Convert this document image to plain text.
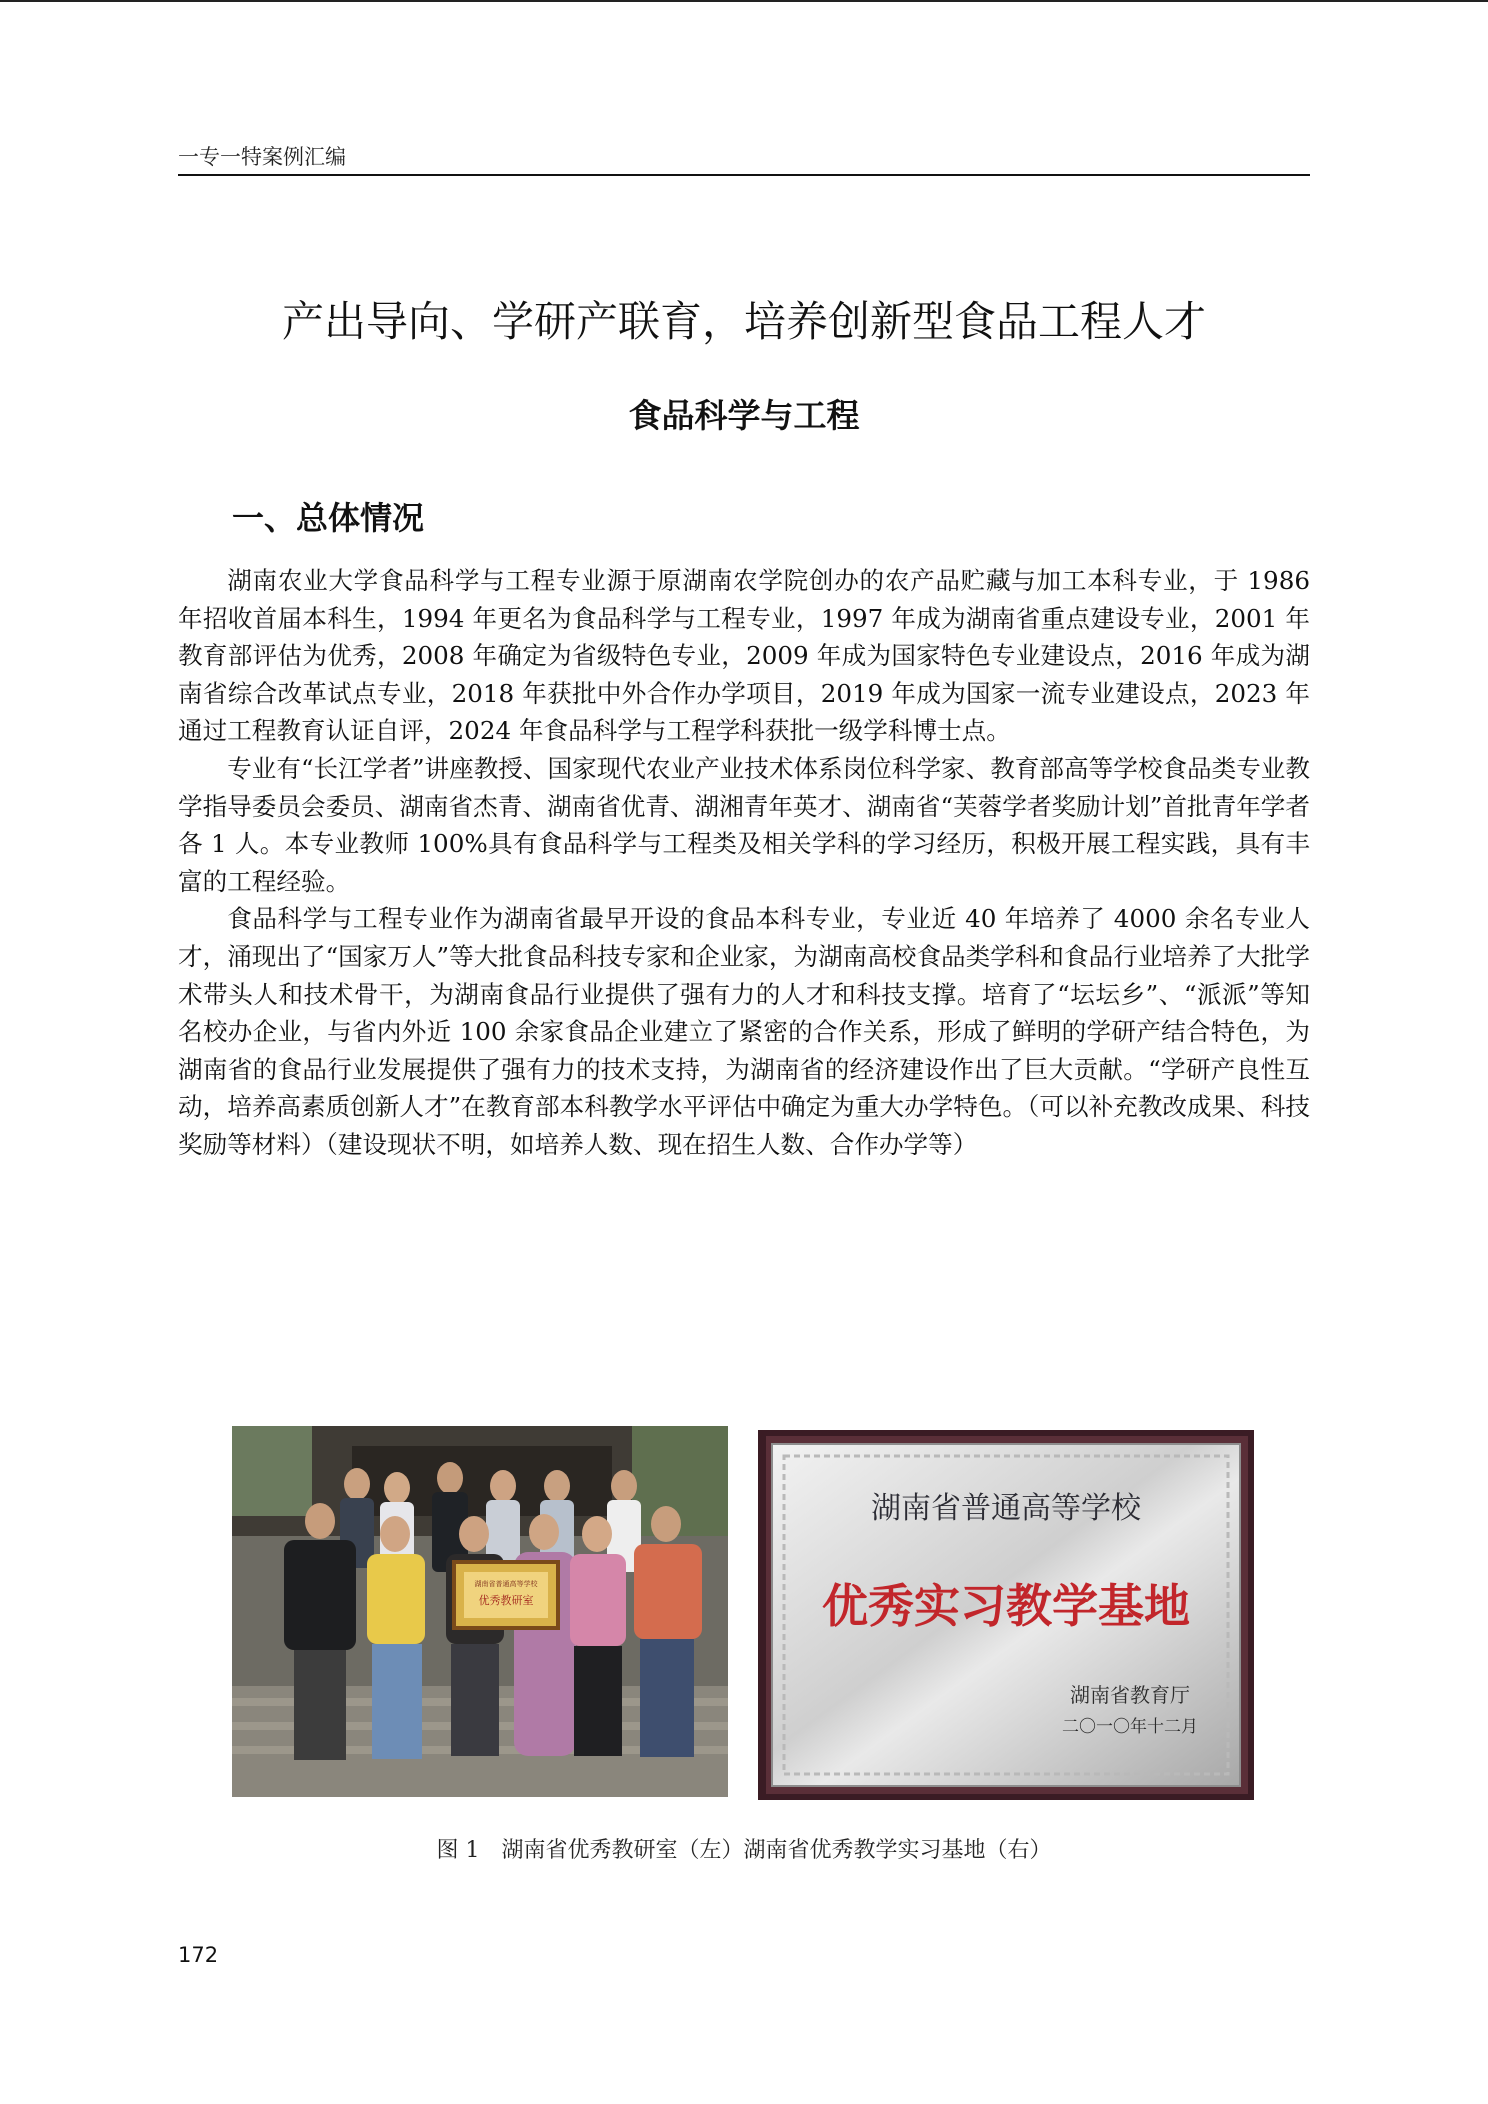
一专一特案例汇编
产出导向、学研产联育，培养创新型食品工程人才
食品科学与工程
一、总体情况

湖南农业大学食品科学与工程专业源于原湖南农学院创办的农产品贮藏与加工本科专业，于 1986 年招收首届本科生，1994 年更名为食品科学与工程专业，1997 年成为湖南省重点建设专业，2001 年教育部评估为优秀，2008 年确定为省级特色专业，2009 年成为国家特色专业建设点，2016 年成为湖南省综合改革试点专业，2018 年获批中外合作办学项目，2019 年成为国家一流专业建设点，2023 年通过工程教育认证自评，2024 年食品科学与工程学科获批一级学科博士点。

专业有“长江学者”讲座教授、国家现代农业产业技术体系岗位科学家、教育部高等学校食品类专业教学指导委员会委员、湖南省杰青、湖南省优青、湖湘青年英才、湖南省“芙蓉学者奖励计划”首批青年学者各 1 人。本专业教师 100%具有食品科学与工程类及相关学科的学习经历，积极开展工程实践，具有丰富的工程经验。

食品科学与工程专业作为湖南省最早开设的食品本科专业，专业近 40 年培养了 4000 余名专业人才，涌现出了“国家万人”等大批食品科技专家和企业家，为湖南高校食品类学科和食品行业培养了大批学术带头人和技术骨干，为湖南食品行业提供了强有力的人才和科技支撑。培育了“坛坛乡”、“派派”等知名校办企业，与省内外近 100 余家食品企业建立了紧密的合作关系，形成了鲜明的学研产结合特色，为湖南省的食品行业发展提供了强有力的技术支持，为湖南省的经济建设作出了巨大贡献。“学研产良性互动，培养高素质创新人才”在教育部本科教学水平评估中确定为重大办学特色。（可以补充教改成果、科技奖励等材料）（建设现状不明，如培养人数、现在招生人数、合作办学等）

湖南省普通高等学校
优秀教研室
湖南省普通高等学校
优秀实习教学基地
湖南省教育厅
二〇一〇年十二月
图 1　湖南省优秀教研室（左）湖南省优秀教学实习基地（右）
172
